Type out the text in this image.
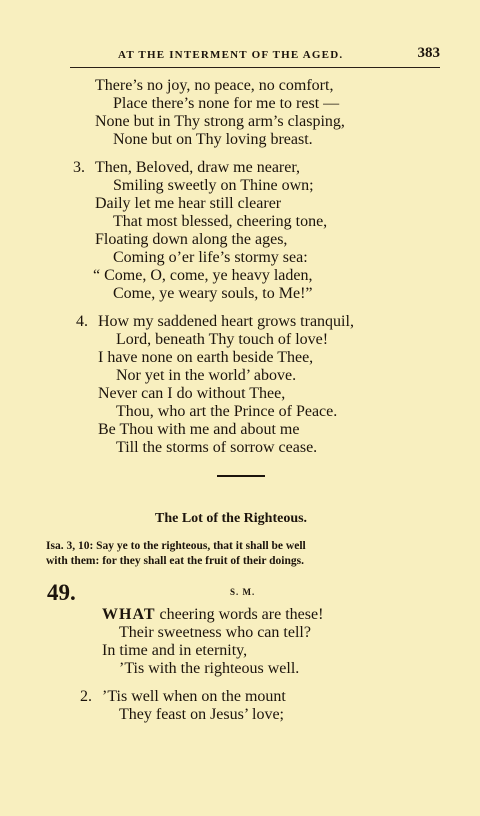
AT THE INTERMENT OF THE AGED.	383
There’s no joy, no peace, no comfort,
Place there’s none for me to rest —
None but in Thy strong arm’s clasping,
None but on Thy loving breast.
3. Then, Beloved, draw me nearer,
Smiling sweetly on Thine own;
Daily let me hear still clearer
That most blessed, cheering tone,
Floating down along the ages,
Coming o’er life’s stormy sea:
“ Come, O, come, ye heavy laden,
Come, ye weary souls, to Me!”
4. How my saddened heart grows tranquil,
Lord, beneath Thy touch of love!
I have none on earth beside Thee,
Nor yet in the world’ above.
Never can I do without Thee,
Thou, who art the Prince of Peace.
Be Thou with me and about me
Till the storms of sorrow cease.
The Lot of the Righteous.
Isa. 3, 10: Say ye to the righteous, that it shall be well
with them: for they shall eat the fruit of their doings.
49.	S. M.
WHAT cheering words are these!
Their sweetness who can tell?
In time and in eternity,
’Tis with the righteous well.
2. ’Tis well when on the mount
They feast on Jesus’ love;
